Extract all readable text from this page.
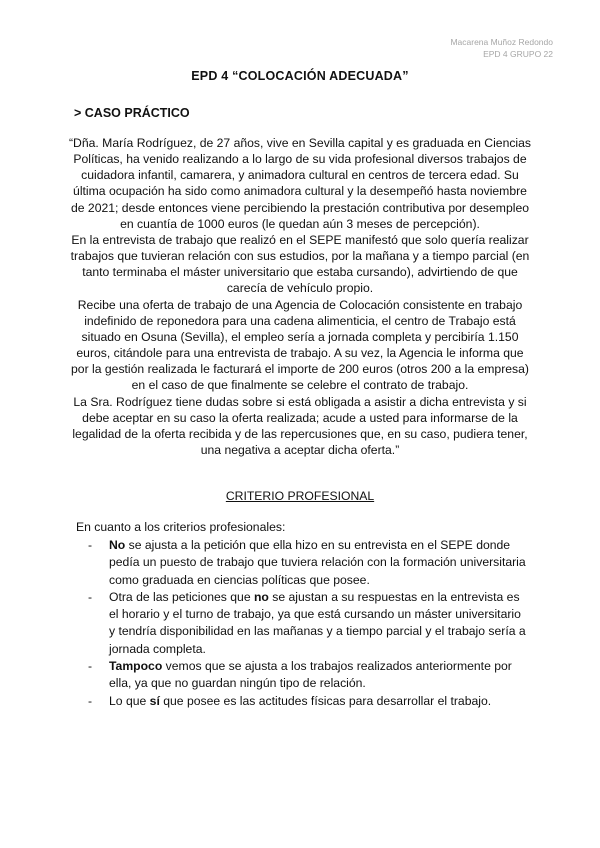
Macarena Muñoz Redondo
EPD 4 GRUPO 22
EPD 4 “COLOCACIÓN ADECUADA”
> CASO PRÁCTICO

“Dña. María Rodríguez, de 27 años, vive en Sevilla capital y es graduada en Ciencias Políticas, ha venido realizando a lo largo de su vida profesional diversos trabajos de cuidadora infantil, camarera, y animadora cultural en centros de tercera edad. Su última ocupación ha sido como animadora cultural y la desempeñó hasta noviembre de 2021; desde entonces viene percibiendo la prestación contributiva por desempleo en cuantía de 1000 euros (le quedan aún 3 meses de percepción).

En la entrevista de trabajo que realizó en el SEPE manifestó que solo quería realizar trabajos que tuvieran relación con sus estudios, por la mañana y a tiempo parcial (en tanto terminaba el máster universitario que estaba cursando), advirtiendo de que carecía de vehículo propio.

Recibe una oferta de trabajo de una Agencia de Colocación consistente en trabajo indefinido de reponedora para una cadena alimenticia, el centro de Trabajo está situado en Osuna (Sevilla), el empleo sería a jornada completa y percibiría 1.150 euros, citándole para una entrevista de trabajo. A su vez, la Agencia le informa que por la gestión realizada le facturará el importe de 200 euros (otros 200 a la empresa) en el caso de que finalmente se celebre el contrato de trabajo.

La Sra. Rodríguez tiene dudas sobre si está obligada a asistir a dicha entrevista y si debe aceptar en su caso la oferta realizada; acude a usted para informarse de la legalidad de la oferta recibida y de las repercusiones que, en su caso, pudiera tener, una negativa a aceptar dicha oferta.”

CRITERIO PROFESIONAL
En cuanto a los criterios profesionales:
- No se ajusta a la petición que ella hizo en su entrevista en el SEPE donde pedía un puesto de trabajo que tuviera relación con la formación universitaria como graduada en ciencias políticas que posee.
- Otra de las peticiones que no se ajustan a su respuestas en la entrevista es el horario y el turno de trabajo, ya que está cursando un máster universitario y tendría disponibilidad en las mañanas y a tiempo parcial y el trabajo sería a jornada completa.
- Tampoco vemos que se ajusta a los trabajos realizados anteriormente por ella, ya que no guardan ningún tipo de relación.
- Lo que sí que posee es las actitudes físicas para desarrollar el trabajo.
